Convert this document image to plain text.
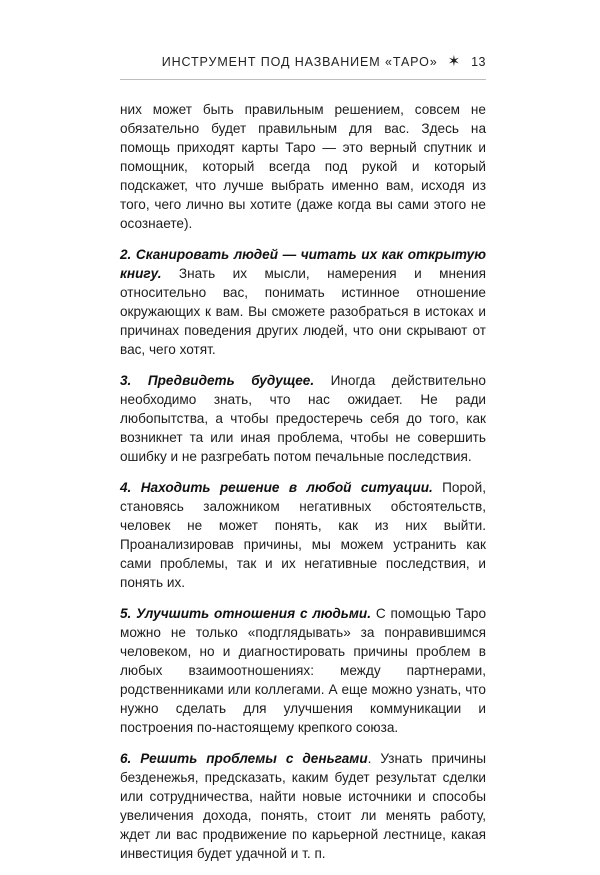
ИНСТРУМЕНТ ПОД НАЗВАНИЕМ «ТАРО» ✶ 13

них может быть правильным решением, совсем не обязательно будет правильным для вас. Здесь на помощь приходят карты Таро — это верный спутник и помощник, который всегда под рукой и который подскажет, что лучше выбрать именно вам, исходя из того, чего лично вы хотите (даже когда вы сами этого не осознаете).

2. Сканировать людей — читать их как открытую книгу. Знать их мысли, намерения и мнения относительно вас, понимать истинное отношение окружающих к вам. Вы сможете разобраться в истоках и причинах поведения других людей, что они скрывают от вас, чего хотят.

3. Предвидеть будущее. Иногда действительно необходимо знать, что нас ожидает. Не ради любопытства, а чтобы предостеречь себя до того, как возникнет та или иная проблема, чтобы не совершить ошибку и не разгребать потом печальные последствия.

4. Находить решение в любой ситуации. Порой, становясь заложником негативных обстоятельств, человек не может понять, как из них выйти. Проанализировав причины, мы можем устранить как сами проблемы, так и их негативные последствия, и понять их.

5. Улучшить отношения с людьми. С помощью Таро можно не только «подглядывать» за понравившимся человеком, но и диагностировать причины проблем в любых взаимоотношениях: между партнерами, родственниками или коллегами. А еще можно узнать, что нужно сделать для улучшения коммуникации и построения по-настоящему крепкого союза.

6. Решить проблемы с деньгами. Узнать причины безденежья, предсказать, каким будет результат сделки или сотрудничества, найти новые источники и способы увеличения дохода, понять, стоит ли менять работу, ждет ли вас продвижение по карьерной лестнице, какая инвестиция будет удачной и т. п.
